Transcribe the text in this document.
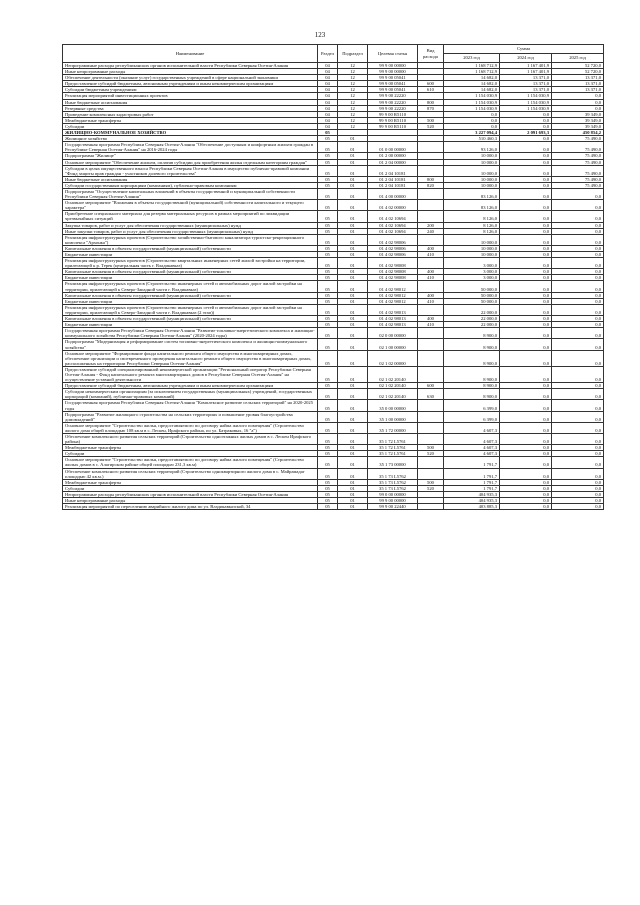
123
Наименование	Раздел	Подраздел	Целевая статья	Вид расхода	Сумма		
					2023 год	2024 год	2025 год
Непрограммные расходы республиканских органов исполнительной власти Республики Северная Осетия-Алания	04	12	99 9 00 00000		1 168 712,9	1 167 401,9	52 720,0
Иные непрограммные расходы	04	12	99 9 00 00000		1 168 712,9	1 167 401,9	52 720,0
Обеспечение деятельности (оказание услуг) государственных учреждений в сфере национальной экономики	04	12	99 9 00 05041		14 682,0	13 371,0	13 371,0
Предоставление субсидий бюджетным, автономным учреждениям и иным некоммерческим организациям	04	12	99 9 00 05041	600	14 682,0	13 371,0	13 371,0
Субсидии бюджетным учреждениям	04	12	99 9 00 05041	610	14 682,0	13 371,0	13 371,0
Реализация мероприятий инвестиционных проектов	04	12	99 9 00 22220		1 154 030,9	1 154 030,9	0,0
Иные бюджетные ассигнования	04	12	99 9 00 22220	800	1 154 030,9	1 154 030,9	0,0
Резервные средства	04	12	99 9 00 22220	870	1 154 030,9	1 154 030,9	0,0
Проведение комплексных кадастровых работ	04	12	99 9 00 R5110		0,0	0,0	39 349,0
Межбюджетные трансферты	04	12	99 9 00 R5110	500	0,0	0,0	39 349,0
Субсидии	04	12	99 9 00 R5110	520	0,0	0,0	39 349,0
ЖИЛИЩНО-КОММУНАЛЬНОЕ ХОЗЯЙСТВО	05				3 227 094,4	2 091 693,3	450 854,2
Жилищное хозяйство	05	01			510 460,3	0,0	75 490,0
Государственная программа Республики Северная Осетия-Алания "Обеспечение доступным и комфортным жильем граждан в Республике Северная Осетия-Алания" на 2016-2024 годы	05	01	01 0 00 00000		93 126,0	0,0	75 490,0
Подпрограмма "Жилище"	05	01	01 2 00 00000		10 000,0	0,0	75 490,0
Основное мероприятие "Обеспечение жильем, оплатив субсидии для приобретения жилья отдельным категориям граждан"	05	01	01 2 04 00000		10 000,0	0,0	75 490,0
Субсидии в целях имущественного взноса Республики Северная Осетия-Алания в имущество публично-правовой компании "Фонд защиты прав граждан - участников долевого строительства"	05	01	01 2 04 10181		10 000,0	0,0	75 490,0
Иные бюджетные ассигнования	05	01	01 2 04 10181	800	10 000,0	0,0	75 490,0
Субсидии государственным корпорациям (компаниям), публично-правовым компаниям	05	01	01 2 04 10181	820	10 000,0	0,0	75 490,0
Подпрограмма "Осуществление капитальных вложений в объекты государственной и муниципальной собственности Республики Северная Осетия-Алания"	05	01	01 4 00 00000		83 126,0	0,0	0,0
Основное мероприятие "Вложения в объекты государственной (муниципальной) собственности капитального и текущего характера"	05	01	01 4 02 00000		83 126,0	0,0	0,0
Приобретение специального материала для резерва материальных ресурсов в рамках мероприятий по ликвидации чрезвычайных ситуаций	05	01	01 4 02 10694		8 126,0	0,0	0,0
Закупка товаров, работ и услуг для обеспечения государственных (муниципальных) нужд	05	01	01 4 02 10694	200	8 126,0	0,0	0,0
Иные закупки товаров, работ и услуг для обеспечения государственных (муниципальных) нужд	05	01	01 4 02 10694	240	8 126,0	0,0	0,0
Реализация инфраструктурных проектов (Строительство хозяйственно-бытового канализатора туристско-рекреационного комплекса "Архонка")	05	01	01 4 02 98006		10 000,0	0,0	0,0
Капитальные вложения в объекты государственной (муниципальной) собственности	05	01	01 4 02 98006	400	10 000,0	0,0	0,0
Бюджетные инвестиции	05	01	01 4 02 98006	410	10 000,0	0,0	0,0
Реализация инфраструктурных проектов (Строительство квартальных инженерных сетей жилой застройки на территории, прилегающей к р. Терек (центральная часть г. Владикавказ)	05	01	01 4 02 98008		3 000,0	0,0	0,0
Капитальные вложения в объекты государственной (муниципальной) собственности	05	01	01 4 02 98008	400	3 000,0	0,0	0,0
Бюджетные инвестиции	05	01	01 4 02 98008	410	3 000,0	0,0	0,0
Реализация инфраструктурных проектов (Строительство инженерных сетей и автомобильных дорог жилой застройки на территории, прилегающей к Северо-Западной части г. Владикавказ)	05	01	01 4 02 98012		50 000,0	0,0	0,0
Капитальные вложения в объекты государственной (муниципальной) собственности	05	01	01 4 02 98012	400	50 000,0	0,0	0,0
Бюджетные инвестиции	05	01	01 4 02 98012	410	50 000,0	0,0	0,0
Реализация инфраструктурных проектов (Строительство инженерных сетей и автомобильных дорог жилой застройки на территории, прилегающей к Северо-Западной части г. Владикавказ (2 этап))	05	01	01 4 02 98013		22 000,0	0,0	0,0
Капитальные вложения в объекты государственной (муниципальной) собственности	05	01	01 4 02 98013	400	22 000,0	0,0	0,0
Бюджетные инвестиции	05	01	01 4 02 98013	410	22 000,0	0,0	0,0
Государственная программа Республики Северная Осетия-Алания "Развитие топливно-энергетического комплекса и жилищно-коммунального хозяйства Республики Северная Осетия-Алания" (2020-2024 годы)	05	01	02 0 00 00000		8 900,0	0,0	0,0
Подпрограмма "Модернизация и реформирование систем топливно-энергетического комплекса и жилищно-коммунального хозяйства"	05	01	02 1 00 00000		8 900,0	0,0	0,0
Основное мероприятие "Формирование фонда капитального ремонта общего имущества в многоквартирных домах, обеспечение организации и своевременного проведения капитального ремонта общего имущества в многоквартирных домах, расположенных на территории Республики Северная Осетия-Алания"	05	01	02 1 02 00000		8 900,0	0,0	0,0
Предоставление субсидий специализированной некоммерческой организации "Региональный оператор Республики Северная Осетия-Алания - Фонд капитального ремонта многоквартирных домов в Республике Северная Осетия-Алания" на осуществление уставной деятельности	05	01	02 1 02 20140		8 900,0	0,0	0,0
Предоставление субсидий бюджетным, автономным учреждениям и иным некоммерческим организациям	05	01	02 1 02 20140	600	8 900,0	0,0	0,0
Субсидии некоммерческим организациям (за исключением государственных (муниципальных) учреждений, государственных корпораций (компаний), публично-правовых компаний)	05	01	02 1 02 20140	630	8 900,0	0,0	0,0
Государственная программа Республики Северная Осетия-Алания "Комплексное развитие сельских территорий" на 2020-2025 годы	05	01	35 0 00 00000		6 399,0	0,0	0,0
Подпрограмма "Развитие жилищного строительства на сельских территориях и повышение уровня благоустройства домовладений"	05	01	35 1 00 00000		6 399,0	0,0	0,0
Основное мероприятие "Строительство жилья, предоставляемого по договору найма жилого помещения" (Строительство жилого дома общей площадью 108 кв.м в с. Лескен, Ирафского района, по ул. Батраковых, 16 "а")	05	01	35 1 72 00000		4 607,3	0,0	0,0
Обеспечение комплексного развития сельских территорий (Строительство одноэтажных жилых домов в с. Лескен Ирафского района)	05	01	35 1 72 L5761		4 607,3	0,0	0,0
Межбюджетные трансферты	05	01	35 1 72 L5761	500	4 607,3	0,0	0,0
Субсидии	05	01	35 1 72 L5761	520	4 607,3	0,0	0,0
Основное мероприятие "Строительство жилья, предоставляемого по договору найма жилого помещения" (Строительство жилых домов в с. Алагирском районе общей площадью 231,3 кв.м)	05	01	35 1 73 00000		1 791,7	0,0	0,0
Обеспечение комплексного развития сельских территорий (Строительство одноквартирного жилого дома в с. Майрамадаг площадью 42 кв.м.)	05	01	35 1 73 L5762		1 791,7	0,0	0,0
Межбюджетные трансферты	05	01	35 1 73 L5762	500	1 791,7	0,0	0,0
Субсидии	05	01	35 1 73 L5762	520	1 791,7	0,0	0,0
Непрограммные расходы республиканских органов исполнительной власти Республики Северная Осетия-Алания	05	01	99 0 00 00000		404 935,3	0,0	0,0
Иные непрограммные расходы	05	01	99 9 00 00000		404 935,3	0,0	0,0
Реализация мероприятий по переселению аварийного жилого дома по ул. Владикавказской, 34	05	01	99 9 00 22440		403 885,3	0,0	0,0
